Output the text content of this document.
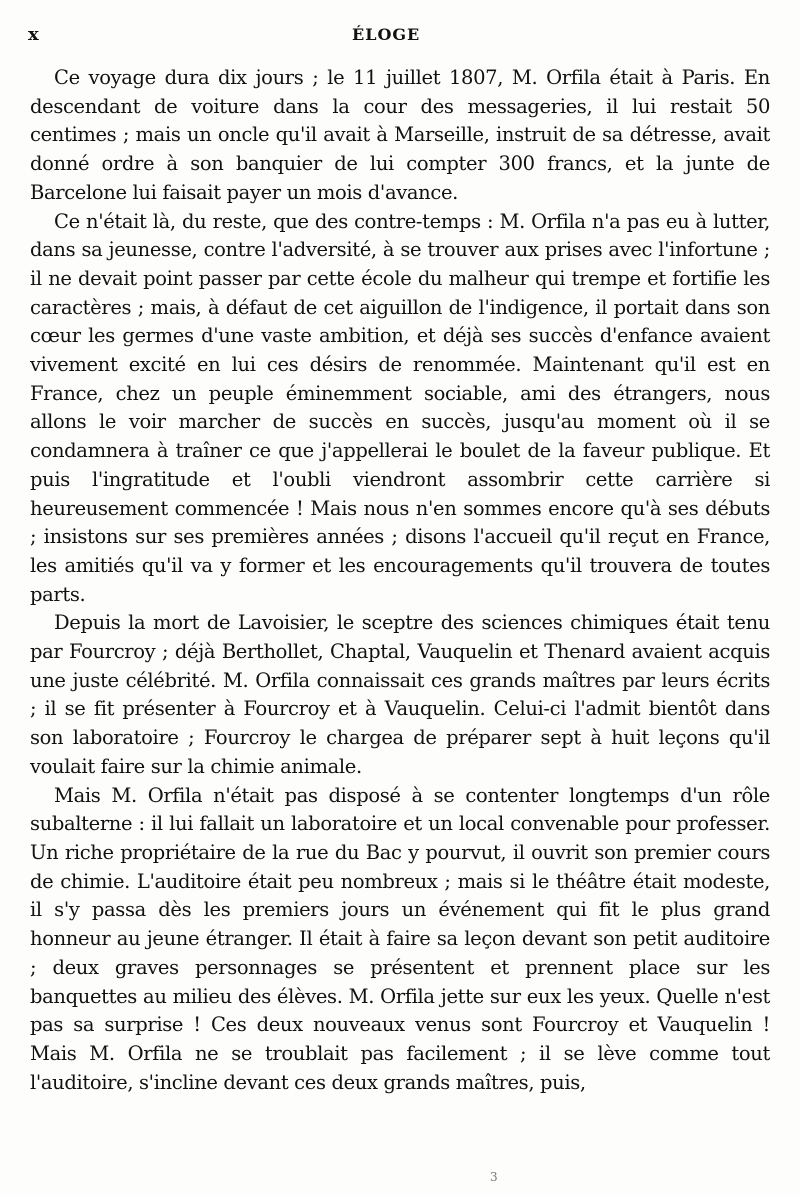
x	ÉLOGE

Ce voyage dura dix jours ; le 11 juillet 1807, M. Orfila était à Paris. En descendant de voiture dans la cour des messageries, il lui restait 50 centimes ; mais un oncle qu'il avait à Marseille, instruit de sa détresse, avait donné ordre à son banquier de lui compter 300 francs, et la junte de Barcelone lui faisait payer un mois d'avance.

Ce n'était là, du reste, que des contre-temps : M. Orfila n'a pas eu à lutter, dans sa jeunesse, contre l'adversité, à se trouver aux prises avec l'infortune ; il ne devait point passer par cette école du malheur qui trempe et fortifie les caractères ; mais, à défaut de cet aiguillon de l'indigence, il portait dans son cœur les germes d'une vaste ambition, et déjà ses succès d'enfance avaient vivement excité en lui ces désirs de renommée. Maintenant qu'il est en France, chez un peuple éminemment sociable, ami des étrangers, nous allons le voir marcher de succès en succès, jusqu'au moment où il se condamnera à traîner ce que j'appellerai le boulet de la faveur publique. Et puis l'ingratitude et l'oubli viendront assombrir cette carrière si heureusement commencée ! Mais nous n'en sommes encore qu'à ses débuts ; insistons sur ses premières années ; disons l'accueil qu'il reçut en France, les amitiés qu'il va y former et les encouragements qu'il trouvera de toutes parts.

Depuis la mort de Lavoisier, le sceptre des sciences chimiques était tenu par Fourcroy ; déjà Berthollet, Chaptal, Vauquelin et Thenard avaient acquis une juste célébrité. M. Orfila connaissait ces grands maîtres par leurs écrits ; il se fit présenter à Fourcroy et à Vauquelin. Celui-ci l'admit bientôt dans son laboratoire ; Fourcroy le chargea de préparer sept à huit leçons qu'il voulait faire sur la chimie animale.

Mais M. Orfila n'était pas disposé à se contenter longtemps d'un rôle subalterne : il lui fallait un laboratoire et un local convenable pour professer. Un riche propriétaire de la rue du Bac y pourvut, il ouvrit son premier cours de chimie. L'auditoire était peu nombreux ; mais si le théâtre était modeste, il s'y passa dès les premiers jours un événement qui fit le plus grand honneur au jeune étranger. Il était à faire sa leçon devant son petit auditoire ; deux graves personnages se présentent et prennent place sur les banquettes au milieu des élèves. M. Orfila jette sur eux les yeux. Quelle n'est pas sa surprise ! Ces deux nouveaux venus sont Fourcroy et Vauquelin ! Mais M. Orfila ne se troublait pas facilement ; il se lève comme tout l'auditoire, s'incline devant ces deux grands maîtres, puis,

3
